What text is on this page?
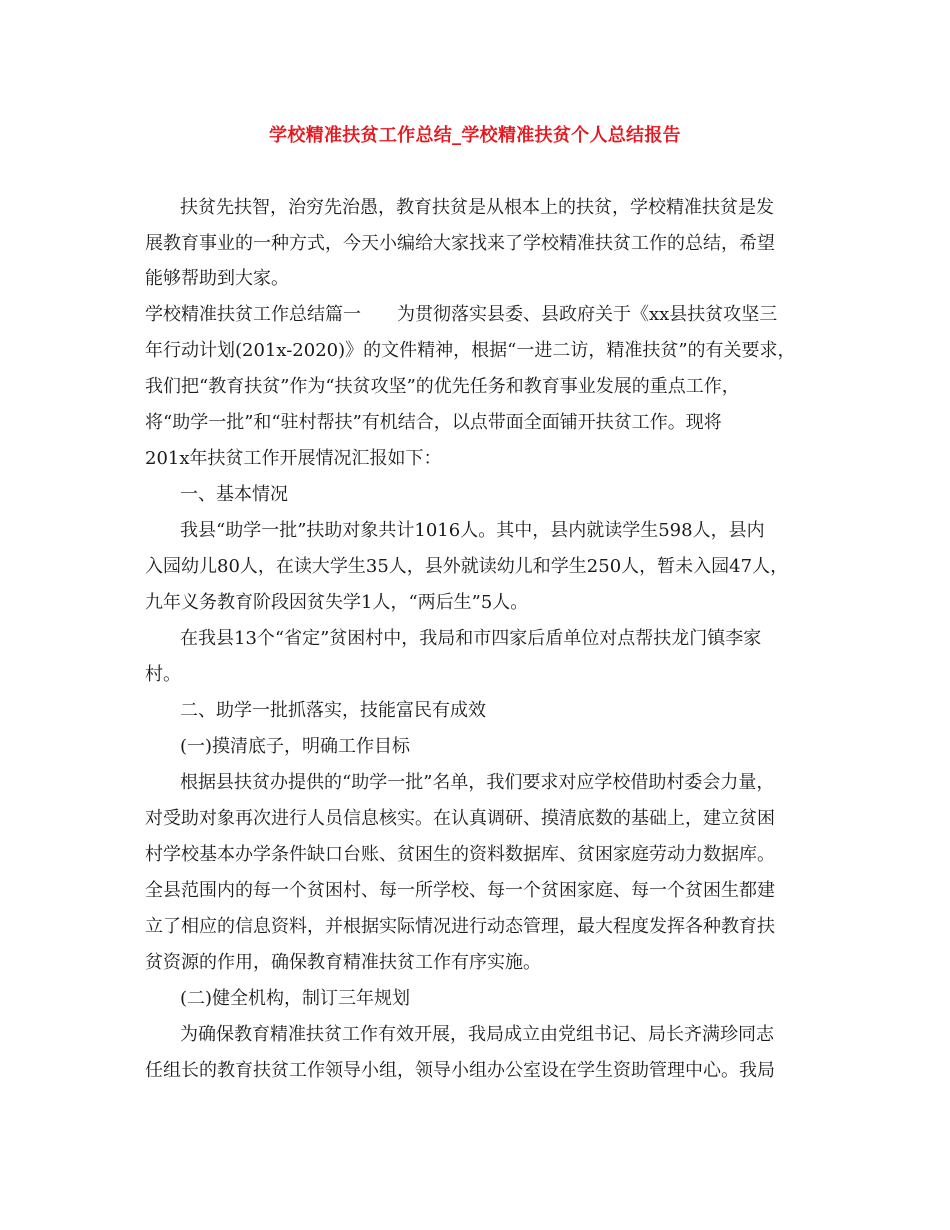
学校精准扶贫工作总结_学校精准扶贫个人总结报告
扶贫先扶智，治穷先治愚，教育扶贫是从根本上的扶贫，学校精准扶贫是发
展教育事业的一种方式，今天小编给大家找来了学校精准扶贫工作的总结，希望
能够帮助到大家。
学校精准扶贫工作总结篇一　　为贯彻落实县委、县政府关于《xx县扶贫攻坚三
年行动计划(201x-2020)》的文件精神，根据“一进二访，精准扶贫”的有关要求，
我们把“教育扶贫”作为“扶贫攻坚”的优先任务和教育事业发展的重点工作，
将“助学一批”和“驻村帮扶”有机结合，以点带面全面铺开扶贫工作。现将
201x年扶贫工作开展情况汇报如下：
一、基本情况
我县“助学一批”扶助对象共计1016人。其中，县内就读学生598人，县内
入园幼儿80人，在读大学生35人，县外就读幼儿和学生250人，暂未入园47人，
九年义务教育阶段因贫失学1人，“两后生”5人。
在我县13个“省定”贫困村中，我局和市四家后盾单位对点帮扶龙门镇李家
村。
二、助学一批抓落实，技能富民有成效
(一)摸清底子，明确工作目标
根据县扶贫办提供的“助学一批”名单，我们要求对应学校借助村委会力量，
对受助对象再次进行人员信息核实。在认真调研、摸清底数的基础上，建立贫困
村学校基本办学条件缺口台账、贫困生的资料数据库、贫困家庭劳动力数据库。
全县范围内的每一个贫困村、每一所学校、每一个贫困家庭、每一个贫困生都建
立了相应的信息资料，并根据实际情况进行动态管理，最大程度发挥各种教育扶
贫资源的作用，确保教育精准扶贫工作有序实施。
(二)健全机构，制订三年规划
为确保教育精准扶贫工作有效开展，我局成立由党组书记、局长齐满珍同志
任组长的教育扶贫工作领导小组，领导小组办公室设在学生资助管理中心。我局
